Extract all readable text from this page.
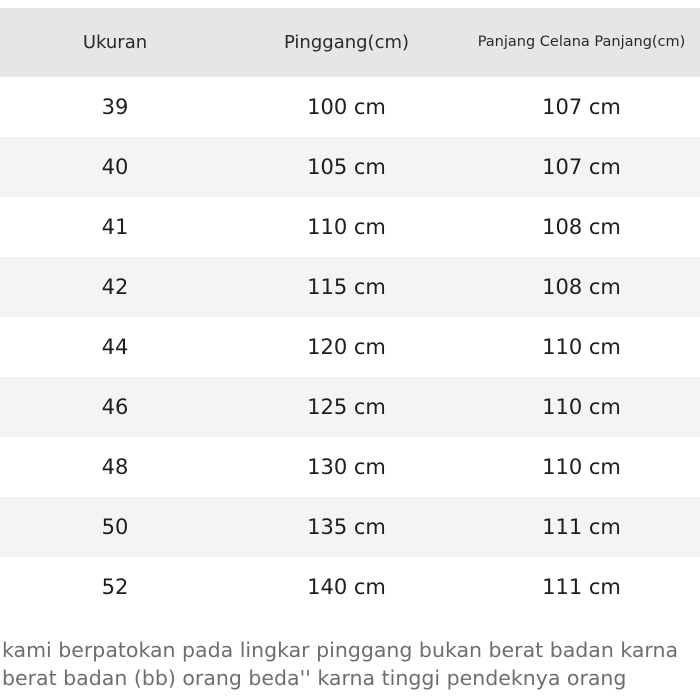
Ukuran	Pinggang(cm)	Panjang Celana Panjang(cm)
39	100 cm	107 cm
40	105 cm	107 cm
41	110 cm	108 cm
42	115 cm	108 cm
44	120 cm	110 cm
46	125 cm	110 cm
48	130 cm	110 cm
50	135 cm	111 cm
52	140 cm	111 cm

kami berpatokan pada lingkar pinggang bukan berat badan karna

berat badan (bb) orang beda'' karna tinggi pendeknya orang
